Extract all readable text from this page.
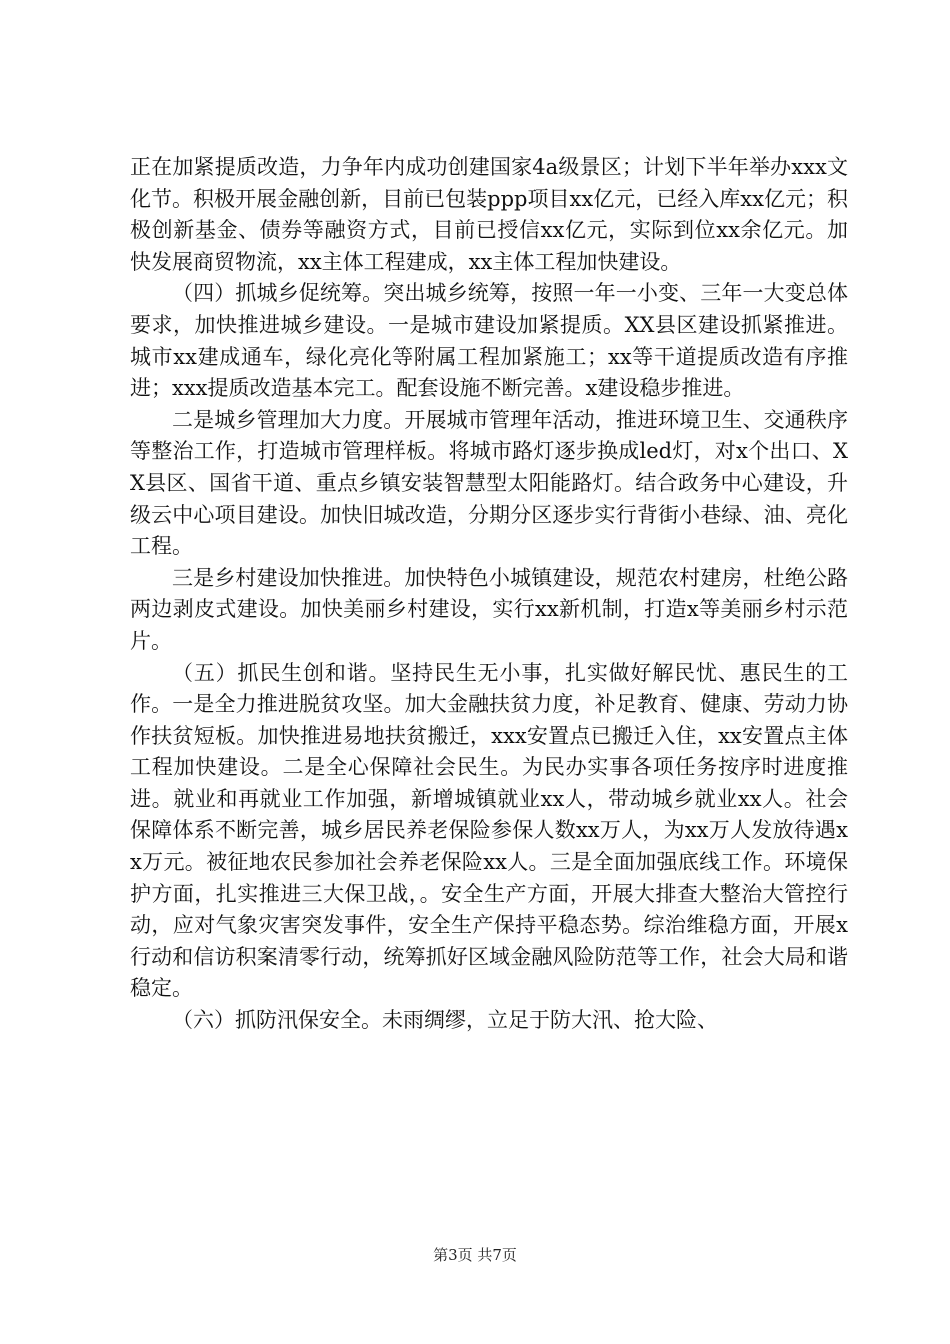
正在加紧提质改造，力争年内成功创建国家4a级景区；计划下半年举办xxx文化节。积极开展金融创新，目前已包装ppp项目xx亿元，已经入库xx亿元；积极创新基金、债券等融资方式，目前已授信xx亿元，实际到位xx余亿元。加快发展商贸物流，xx主体工程建成，xx主体工程加快建设。

（四）抓城乡促统筹。突出城乡统筹，按照一年一小变、三年一大变总体要求，加快推进城乡建设。一是城市建设加紧提质。XX县区建设抓紧推进。城市xx建成通车，绿化亮化等附属工程加紧施工；xx等干道提质改造有序推进；xxx提质改造基本完工。配套设施不断完善。x建设稳步推进。

二是城乡管理加大力度。开展城市管理年活动，推进环境卫生、交通秩序等整治工作，打造城市管理样板。将城市路灯逐步换成led灯，对x个出口、XX县区、国省干道、重点乡镇安装智慧型太阳能路灯。结合政务中心建设，升级云中心项目建设。加快旧城改造，分期分区逐步实行背街小巷绿、油、亮化工程。

三是乡村建设加快推进。加快特色小城镇建设，规范农村建房，杜绝公路两边剥皮式建设。加快美丽乡村建设，实行xx新机制，打造x等美丽乡村示范片。

（五）抓民生创和谐。坚持民生无小事，扎实做好解民忧、惠民生的工作。一是全力推进脱贫攻坚。加大金融扶贫力度，补足教育、健康、劳动力协作扶贫短板。加快推进易地扶贫搬迁，xxx安置点已搬迁入住，xx安置点主体工程加快建设。二是全心保障社会民生。为民办实事各项任务按序时进度推进。就业和再就业工作加强，新增城镇就业xx人，带动城乡就业xx人。社会保障体系不断完善，城乡居民养老保险参保人数xx万人，为xx万人发放待遇xx万元。被征地农民参加社会养老保险xx人。三是全面加强底线工作。环境保护方面，扎实推进三大保卫战，。安全生产方面，开展大排查大整治大管控行动，应对气象灾害突发事件，安全生产保持平稳态势。综治维稳方面，开展x行动和信访积案清零行动，统筹抓好区域金融风险防范等工作，社会大局和谐稳定。

（六）抓防汛保安全。未雨绸缪，立足于防大汛、抢大险、

第3页 共7页
